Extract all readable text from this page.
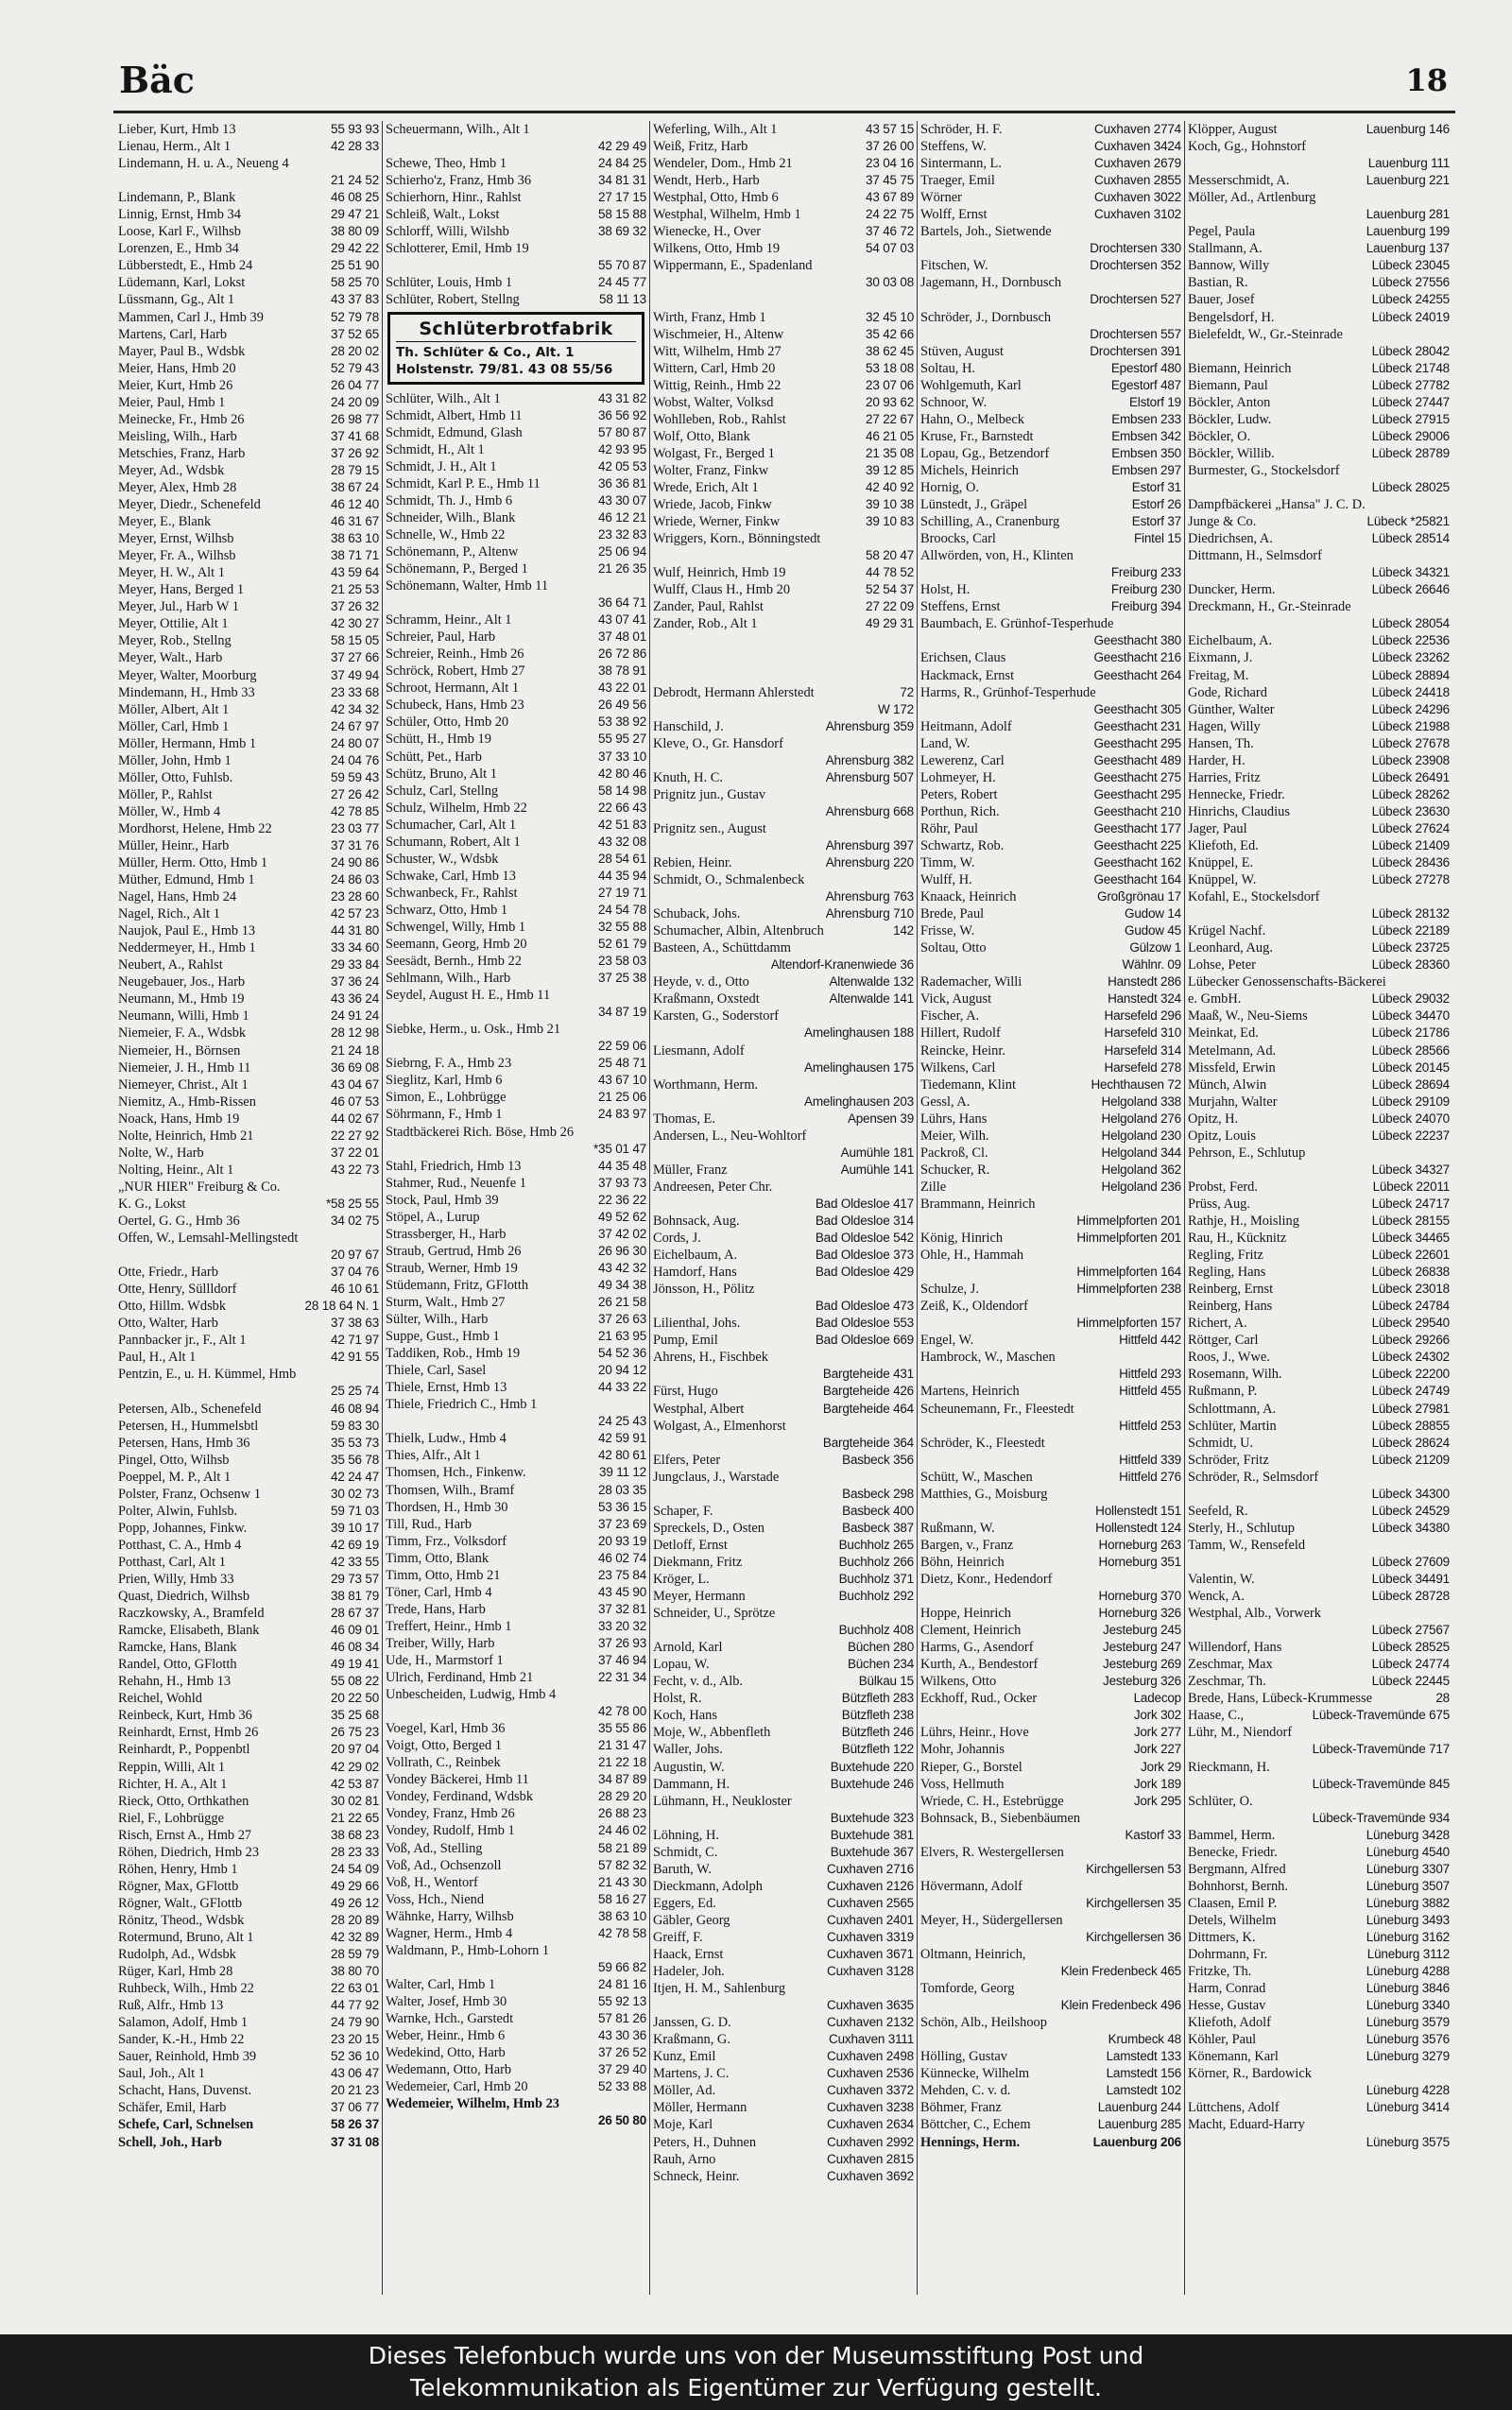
Bäc	18
Lieber, Kurt, Hmb 13	55 93 93
Lienau, Herm., Alt 1	42 28 33
Lindemann, H. u. A., Neueng 4
21 24 52
Lindemann, P., Blank	46 08 25
Linnig, Ernst, Hmb 34	29 47 21
Loose, Karl F., Wilhsb	38 80 09
Lorenzen, E., Hmb 34	29 42 22
Lübberstedt, E., Hmb 24	25 51 90
Lüdemann, Karl, Lokst	58 25 70
Lüssmann, Gg., Alt 1	43 37 83
Mammen, Carl J., Hmb 39	52 79 78
Martens, Carl, Harb	37 52 65
Mayer, Paul B., Wdsbk	28 20 02
Meier, Hans, Hmb 20	52 79 43
Meier, Kurt, Hmb 26	26 04 77
Meier, Paul, Hmb 1	24 20 09
Meinecke, Fr., Hmb 26	26 98 77
Meisling, Wilh., Harb	37 41 68
Metschies, Franz, Harb	37 26 92
Meyer, Ad., Wdsbk	28 79 15
Meyer, Alex, Hmb 28	38 67 24
Meyer, Diedr., Schenefeld	46 12 40
Meyer, E., Blank	46 31 67
Meyer, Ernst, Wilhsb	38 63 10
Meyer, Fr. A., Wilhsb	38 71 71
Meyer, H. W., Alt 1	43 59 64
Meyer, Hans, Berged 1	21 25 53
Meyer, Jul., Harb W 1	37 26 32
Meyer, Ottilie, Alt 1	42 30 27
Meyer, Rob., Stellng	58 15 05
Meyer, Walt., Harb	37 27 66
Meyer, Walter, Moorburg	37 49 94
Mindemann, H., Hmb 33	23 33 68
Möller, Albert, Alt 1	42 34 32
Möller, Carl, Hmb 1	24 67 97
Möller, Hermann, Hmb 1	24 80 07
Möller, John, Hmb 1	24 04 76
Möller, Otto, Fuhlsb.	59 59 43
Möller, P., Rahlst	27 26 42
Möller, W., Hmb 4	42 78 85
Mordhorst, Helene, Hmb 22	23 03 77
Müller, Heinr., Harb	37 31 76
Müller, Herm. Otto, Hmb 1	24 90 86
Müther, Edmund, Hmb 1	24 86 03
Nagel, Hans, Hmb 24	23 28 60
Nagel, Rich., Alt 1	42 57 23
Naujok, Paul E., Hmb 13	44 31 80
Neddermeyer, H., Hmb 1	33 34 60
Neubert, A., Rahlst	29 33 84
Neugebauer, Jos., Harb	37 36 24
Neumann, M., Hmb 19	43 36 24
Neumann, Willi, Hmb 1	24 91 24
Niemeier, F. A., Wdsbk	28 12 98
Niemeier, H., Börnsen	21 24 18
Niemeier, J. H., Hmb 11	36 69 08
Niemeyer, Christ., Alt 1	43 04 67
Niemitz, A., Hmb-Rissen	46 07 53
Noack, Hans, Hmb 19	44 02 67
Nolte, Heinrich, Hmb 21	22 27 92
Nolte, W., Harb	37 22 01
Nolting, Heinr., Alt 1	43 22 73
„NUR HIER" Freiburg & Co.
K. G., Lokst	*58 25 55
Oertel, G. G., Hmb 36	34 02 75
Offen, W., Lemsahl-Mellingstedt
20 97 67
Otte, Friedr., Harb	37 04 76
Otte, Henry, Süllldorf	46 10 61
Otto, Hillm. Wdsbk	28 18 64 N. 1
Otto, Walter, Harb	37 38 63
Pannbacker jr., F., Alt 1	42 71 97
Paul, H., Alt 1	42 91 55
Pentzin, E., u. H. Kümmel, Hmb
25 25 74
Petersen, Alb., Schenefeld	46 08 94
Petersen, H., Hummelsbtl	59 83 30
Petersen, Hans, Hmb 36	35 53 73
Pingel, Otto, Wilhsb	35 56 78
Poeppel, M. P., Alt 1	42 24 47
Polster, Franz, Ochsenw 1	30 02 73
Polter, Alwin, Fuhlsb.	59 71 03
Popp, Johannes, Finkw.	39 10 17
Potthast, C. A., Hmb 4	42 69 19
Potthast, Carl, Alt 1	42 33 55
Prien, Willy, Hmb 33	29 73 57
Quast, Diedrich, Wilhsb	38 81 79
Raczkowsky, A., Bramfeld	28 67 37
Ramcke, Elisabeth, Blank	46 09 01
Ramcke, Hans, Blank	46 08 34
Randel, Otto, GFlotth	49 19 41
Rehahn, H., Hmb 13	55 08 22
Reichel, Wohld	20 22 50
Reinbeck, Kurt, Hmb 36	35 25 68
Reinhardt, Ernst, Hmb 26	26 75 23
Reinhardt, P., Poppenbtl	20 97 04
Reppin, Willi, Alt 1	42 29 02
Richter, H. A., Alt 1	42 53 87
Rieck, Otto, Orthkathen	30 02 81
Riel, F., Lohbrügge	21 22 65
Risch, Ernst A., Hmb 27	38 68 23
Röhen, Diedrich, Hmb 23	28 23 33
Röhen, Henry, Hmb 1	24 54 09
Rögner, Max, GFlottb	49 29 66
Rögner, Walt., GFlottb	49 26 12
Rönitz, Theod., Wdsbk	28 20 89
Rotermund, Bruno, Alt 1	42 32 89
Rudolph, Ad., Wdsbk	28 59 79
Rüger, Karl, Hmb 28	38 80 70
Ruhbeck, Wilh., Hmb 22	22 63 01
Ruß, Alfr., Hmb 13	44 77 92
Salamon, Adolf, Hmb 1	24 79 90
Sander, K.-H., Hmb 22	23 20 15
Sauer, Reinhold, Hmb 39	52 36 10
Saul, Joh., Alt 1	43 06 47
Schacht, Hans, Duvenst.	20 21 23
Schäfer, Emil, Harb	37 06 77
Schefe, Carl, Schnelsen	58 26 37
Schell, Joh., Harb	37 31 08
Scheuermann, Wilh., Alt 1
42 29 49
Schewe, Theo, Hmb 1	24 84 25
Schierho'z, Franz, Hmb 36	34 81 31
Schierhorn, Hinr., Rahlst	27 17 15
Schleiß, Walt., Lokst	58 15 88
Schlorff, Willi, Wilshb	38 69 32
Schlotterer, Emil, Hmb 19
55 70 87
Schlüter, Louis, Hmb 1	24 45 77
Schlüter, Robert, Stellng	58 11 13
Schlüterbrotfabrik
Th. Schlüter & Co., Alt. 1
Holstenstr. 79/81. 43 08 55/56
Schlüter, Wilh., Alt 1	43 31 82
Schmidt, Albert, Hmb 11	36 56 92
Schmidt, Edmund, Glash	57 80 87
Schmidt, H., Alt 1	42 93 95
Schmidt, J. H., Alt 1	42 05 53
Schmidt, Karl P. E., Hmb 11	36 36 81
Schmidt, Th. J., Hmb 6	43 30 07
Schneider, Wilh., Blank	46 12 21
Schnelle, W., Hmb 22	23 32 83
Schönemann, P., Altenw	25 06 94
Schönemann, P., Berged 1	21 26 35
Schönemann, Walter, Hmb 11
36 64 71
Schramm, Heinr., Alt 1	43 07 41
Schreier, Paul, Harb	37 48 01
Schreier, Reinh., Hmb 26	26 72 86
Schröck, Robert, Hmb 27	38 78 91
Schroot, Hermann, Alt 1	43 22 01
Schubeck, Hans, Hmb 23	26 49 56
Schüler, Otto, Hmb 20	53 38 92
Schütt, H., Hmb 19	55 95 27
Schütt, Pet., Harb	37 33 10
Schütz, Bruno, Alt 1	42 80 46
Schulz, Carl, Stellng	58 14 98
Schulz, Wilhelm, Hmb 22	22 66 43
Schumacher, Carl, Alt 1	42 51 83
Schumann, Robert, Alt 1	43 32 08
Schuster, W., Wdsbk	28 54 61
Schwake, Carl, Hmb 13	44 35 94
Schwanbeck, Fr., Rahlst	27 19 71
Schwarz, Otto, Hmb 1	24 54 78
Schwengel, Willy, Hmb 1	32 55 88
Seemann, Georg, Hmb 20	52 61 79
Seesädt, Bernh., Hmb 22	23 58 03
Sehlmann, Wilh., Harb	37 25 38
Seydel, August H. E., Hmb 11
34 87 19
Siebke, Herm., u. Osk., Hmb 21
22 59 06
Siebrng, F. A., Hmb 23	25 48 71
Sieglitz, Karl, Hmb 6	43 67 10
Simon, E., Lohbrügge	21 25 06
Söhrmann, F., Hmb 1	24 83 97
Stadtbäckerei Rich. Böse, Hmb 26
*35 01 47
Stahl, Friedrich, Hmb 13	44 35 48
Stahmer, Rud., Neuenfe 1	37 93 73
Stock, Paul, Hmb 39	22 36 22
Stöpel, A., Lurup	49 52 62
Strassberger, H., Harb	37 42 02
Straub, Gertrud, Hmb 26	26 96 30
Straub, Werner, Hmb 19	43 42 32
Stüdemann, Fritz, GFlotth	49 34 38
Sturm, Walt., Hmb 27	26 21 58
Sülter, Wilh., Harb	37 26 63
Suppe, Gust., Hmb 1	21 63 95
Taddiken, Rob., Hmb 19	54 52 36
Thiele, Carl, Sasel	20 94 12
Thiele, Ernst, Hmb 13	44 33 22
Thiele, Friedrich C., Hmb 1
24 25 43
Thielk, Ludw., Hmb 4	42 59 91
Thies, Alfr., Alt 1	42 80 61
Thomsen, Hch., Finkenw.	39 11 12
Thomsen, Wilh., Bramf	28 03 35
Thordsen, H., Hmb 30	53 36 15
Till, Rud., Harb	37 23 69
Timm, Frz., Volksdorf	20 93 19
Timm, Otto, Blank	46 02 74
Timm, Otto, Hmb 21	23 75 84
Töner, Carl, Hmb 4	43 45 90
Trede, Hans, Harb	37 32 81
Treffert, Heinr., Hmb 1	33 20 32
Treiber, Willy, Harb	37 26 93
Ude, H., Marmstorf 1	37 46 94
Ulrich, Ferdinand, Hmb 21	22 31 34
Unbescheiden, Ludwig, Hmb 4
42 78 00
Voegel, Karl, Hmb 36	35 55 86
Voigt, Otto, Berged 1	21 31 47
Vollrath, C., Reinbek	21 22 18
Vondey Bäckerei, Hmb 11	34 87 89
Vondey, Ferdinand, Wdsbk	28 29 20
Vondey, Franz, Hmb 26	26 88 23
Vondey, Rudolf, Hmb 1	24 46 02
Voß, Ad., Stelling	58 21 89
Voß, Ad., Ochsenzoll	57 82 32
Voß, H., Wentorf	21 43 30
Voss, Hch., Niend	58 16 27
Wähnke, Harry, Wilhsb	38 63 10
Wagner, Herm., Hmb 4	42 78 58
Waldmann, P., Hmb-Lohorn 1
59 66 82
Walter, Carl, Hmb 1	24 81 16
Walter, Josef, Hmb 30	55 92 13
Warnke, Hch., Garstedt	57 81 26
Weber, Heinr., Hmb 6	43 30 36
Wedekind, Otto, Harb	37 26 52
Wedemann, Otto, Harb	37 29 40
Wedemeier, Carl, Hmb 20	52 33 88
Wedemeier, Wilhelm, Hmb 23
26 50 80
Weferling, Wilh., Alt 1	43 57 15
Weiß, Fritz, Harb	37 26 00
Wendeler, Dom., Hmb 21	23 04 16
Wendt, Herb., Harb	37 45 75
Westphal, Otto, Hmb 6	43 67 89
Westphal, Wilhelm, Hmb 1	24 22 75
Wienecke, H., Over	37 46 72
Wilkens, Otto, Hmb 19	54 07 03
Wippermann, E., Spadenland
30 03 08
Wirth, Franz, Hmb 1	32 45 10
Wischmeier, H., Altenw	35 42 66
Witt, Wilhelm, Hmb 27	38 62 45
Wittern, Carl, Hmb 20	53 18 08
Wittig, Reinh., Hmb 22	23 07 06
Wobst, Walter, Volksd	20 93 62
Wohlleben, Rob., Rahlst	27 22 67
Wolf, Otto, Blank	46 21 05
Wolgast, Fr., Berged 1	21 35 08
Wolter, Franz, Finkw	39 12 85
Wrede, Erich, Alt 1	42 40 92
Wriede, Jacob, Finkw	39 10 38
Wriede, Werner, Finkw	39 10 83
Wriggers, Korn., Bönningstedt
58 20 47
Wulf, Heinrich, Hmb 19	44 78 52
Wulff, Claus H., Hmb 20	52 54 37
Zander, Paul, Rahlst	27 22 09
Zander, Rob., Alt 1	49 29 31
Debrodt, Hermann Ahlerstedt	72
W 172
Hanschild, J.	Ahrensburg 359
Kleve, O., Gr. Hansdorf
Ahrensburg 382
Knuth, H. C.	Ahrensburg 507
Prignitz jun., Gustav
Ahrensburg 668
Prignitz sen., August
Ahrensburg 397
Rebien, Heinr.	Ahrensburg 220
Schmidt, O., Schmalenbeck
Ahrensburg 763
Schuback, Johs.	Ahrensburg 710
Schumacher, Albin, Altenbruch	142
Basteen, A., Schüttdamm
Altendorf-Kranenwiede 36
Heyde, v. d., Otto	Altenwalde 132
Kraßmann, Oxstedt	Altenwalde 141
Karsten, G., Soderstorf
Amelinghausen 188
Liesmann, Adolf
Amelinghausen 175
Worthmann, Herm.
Amelinghausen 203
Thomas, E.	Apensen 39
Andersen, L., Neu-Wohltorf
Aumühle 181
Müller, Franz	Aumühle 141
Andreesen, Peter Chr.
Bad Oldesloe 417
Bohnsack, Aug.	Bad Oldesloe 314
Cords, J.	Bad Oldesloe 542
Eichelbaum, A.	Bad Oldesloe 373
Hamdorf, Hans	Bad Oldesloe 429
Jönsson, H., Pölitz
Bad Oldesloe 473
Lilienthal, Johs.	Bad Oldesloe 553
Pump, Emil	Bad Oldesloe 669
Ahrens, H., Fischbek
Bargteheide 431
Fürst, Hugo	Bargteheide 426
Westphal, Albert	Bargteheide 464
Wolgast, A., Elmenhorst
Bargteheide 364
Elfers, Peter	Basbeck 356
Jungclaus, J., Warstade
Basbeck 298
Schaper, F.	Basbeck 400
Spreckels, D., Osten	Basbeck 387
Detloff, Ernst	Buchholz 265
Diekmann, Fritz	Buchholz 266
Kröger, L.	Buchholz 371
Meyer, Hermann	Buchholz 292
Schneider, U., Sprötze
Buchholz 408
Arnold, Karl	Büchen 280
Lopau, W.	Büchen 234
Fecht, v. d., Alb.	Bülkau 15
Holst, R.	Bützfleth 283
Koch, Hans	Bützfleth 238
Moje, W., Abbenfleth	Bützfleth 246
Waller, Johs.	Bützfleth 122
Augustin, W.	Buxtehude 220
Dammann, H.	Buxtehude 246
Lühmann, H., Neukloster
Buxtehude 323
Löhning, H.	Buxtehude 381
Schmidt, C.	Buxtehude 367
Baruth, W.	Cuxhaven 2716
Dieckmann, Adolph	Cuxhaven 2126
Eggers, Ed.	Cuxhaven 2565
Gäbler, Georg	Cuxhaven 2401
Greiff, F.	Cuxhaven 3319
Haack, Ernst	Cuxhaven 3671
Hadeler, Joh.	Cuxhaven 3128
Itjen, H. M., Sahlenburg
Cuxhaven 3635
Janssen, G. D.	Cuxhaven 2132
Kraßmann, G.	Cuxhaven 3111
Kunz, Emil	Cuxhaven 2498
Martens, J. C.	Cuxhaven 2536
Möller, Ad.	Cuxhaven 3372
Möller, Hermann	Cuxhaven 3238
Moje, Karl	Cuxhaven 2634
Peters, H., Duhnen	Cuxhaven 2992
Rauh, Arno	Cuxhaven 2815
Schneck, Heinr.	Cuxhaven 3692
Schröder, H. F.	Cuxhaven 2774
Steffens, W.	Cuxhaven 3424
Sintermann, L.	Cuxhaven 2679
Traeger, Emil	Cuxhaven 2855
Wörner	Cuxhaven 3022
Wolff, Ernst	Cuxhaven 3102
Bartels, Joh., Sietwende
Drochtersen 330
Fitschen, W.	Drochtersen 352
Jagemann, H., Dornbusch
Drochtersen 527
Schröder, J., Dornbusch
Drochtersen 557
Stüven, August	Drochtersen 391
Soltau, H.	Epestorf 480
Wohlgemuth, Karl	Egestorf 487
Schnoor, W.	Elstorf 19
Hahn, O., Melbeck	Embsen 233
Kruse, Fr., Barnstedt	Embsen 342
Lopau, Gg., Betzendorf	Embsen 350
Michels, Heinrich	Embsen 297
Hornig, O.	Estorf 31
Lünstedt, J., Gräpel	Estorf 26
Schilling, A., Cranenburg	Estorf 37
Broocks, Carl	Fintel 15
Allwörden, von, H., Klinten
Freiburg 233
Holst, H.	Freiburg 230
Steffens, Ernst	Freiburg 394
Baumbach, E. Grünhof-Tesperhude
Geesthacht 380
Erichsen, Claus	Geesthacht 216
Hackmack, Ernst	Geesthacht 264
Harms, R., Grünhof-Tesperhude
Geesthacht 305
Heitmann, Adolf	Geesthacht 231
Land, W.	Geesthacht 295
Lewerenz, Carl	Geesthacht 489
Lohmeyer, H.	Geesthacht 275
Peters, Robert	Geesthacht 295
Porthun, Rich.	Geesthacht 210
Röhr, Paul	Geesthacht 177
Schwartz, Rob.	Geesthacht 225
Timm, W.	Geesthacht 162
Wulff, H.	Geesthacht 164
Knaack, Heinrich	Großgrönau 17
Brede, Paul	Gudow 14
Frisse, W.	Gudow 45
Soltau, Otto	Gülzow 1
Wählnr. 09
Rademacher, Willi	Hanstedt 286
Vick, August	Hanstedt 324
Fischer, A.	Harsefeld 296
Hillert, Rudolf	Harsefeld 310
Reincke, Heinr.	Harsefeld 314
Wilkens, Carl	Harsefeld 278
Tiedemann, Klint	Hechthausen 72
Gessl, A.	Helgoland 338
Lührs, Hans	Helgoland 276
Meier, Wilh.	Helgoland 230
Packroß, Cl.	Helgoland 344
Schucker, R.	Helgoland 362
Zille	Helgoland 236
Brammann, Heinrich
Himmelpforten 201
König, Hinrich	Himmelpforten 201
Ohle, H., Hammah
Himmelpforten 164
Schulze, J.	Himmelpforten 238
Zeiß, K., Oldendorf
Himmelpforten 157
Engel, W.	Hittfeld 442
Hambrock, W., Maschen
Hittfeld 293
Martens, Heinrich	Hittfeld 455
Scheunemann, Fr., Fleestedt
Hittfeld 253
Schröder, K., Fleestedt
Hittfeld 339
Schütt, W., Maschen	Hittfeld 276
Matthies, G., Moisburg
Hollenstedt 151
Rußmann, W.	Hollenstedt 124
Bargen, v., Franz	Horneburg 263
Böhn, Heinrich	Horneburg 351
Dietz, Konr., Hedendorf
Horneburg 370
Hoppe, Heinrich	Horneburg 326
Clement, Heinrich	Jesteburg 245
Harms, G., Asendorf	Jesteburg 247
Kurth, A., Bendestorf	Jesteburg 269
Wilkens, Otto	Jesteburg 326
Eckhoff, Rud., Ocker	Ladecop
Jork 302
Lührs, Heinr., Hove	Jork 277
Mohr, Johannis	Jork 227
Rieper, G., Borstel	Jork 29
Voss, Hellmuth	Jork 189
Wriede, C. H., Estebrügge	Jork 295
Bohnsack, B., Siebenbäumen
Kastorf 33
Elvers, R. Westergellersen
Kirchgellersen 53
Hövermann, Adolf
Kirchgellersen 35
Meyer, H., Südergellersen
Kirchgellersen 36
Oltmann, Heinrich,
Klein Fredenbeck 465
Tomforde, Georg
Klein Fredenbeck 496
Schön, Alb., Heilshoop
Krumbeck 48
Hölling, Gustav	Lamstedt 133
Künnecke, Wilhelm	Lamstedt 156
Mehden, C. v. d.	Lamstedt 102
Böhmer, Franz	Lauenburg 244
Böttcher, C., Echem	Lauenburg 285
Hennings, Herm.	Lauenburg 206
Klöpper, August	Lauenburg 146
Koch, Gg., Hohnstorf
Lauenburg 111
Messerschmidt, A.	Lauenburg 221
Möller, Ad., Artlenburg
Lauenburg 281
Pegel, Paula	Lauenburg 199
Stallmann, A.	Lauenburg 137
Bannow, Willy	Lübeck 23045
Bastian, R.	Lübeck 27556
Bauer, Josef	Lübeck 24255
Bengelsdorf, H.	Lübeck 24019
Bielefeldt, W., Gr.-Steinrade
Lübeck 28042
Biemann, Heinrich	Lübeck 21748
Biemann, Paul	Lübeck 27782
Böckler, Anton	Lübeck 27447
Böckler, Ludw.	Lübeck 27915
Böckler, O.	Lübeck 29006
Böckler, Willib.	Lübeck 28789
Burmester, G., Stockelsdorf
Lübeck 28025
Dampfbäckerei „Hansa" J. C. D.
Junge & Co.	Lübeck *25821
Diedrichsen, A.	Lübeck 28514
Dittmann, H., Selmsdorf
Lübeck 34321
Duncker, Herm.	Lübeck 26646
Dreckmann, H., Gr.-Steinrade
Lübeck 28054
Eichelbaum, A.	Lübeck 22536
Eixmann, J.	Lübeck 23262
Freitag, M.	Lübeck 28894
Gode, Richard	Lübeck 24418
Günther, Walter	Lübeck 24296
Hagen, Willy	Lübeck 21988
Hansen, Th.	Lübeck 27678
Harder, H.	Lübeck 23908
Harries, Fritz	Lübeck 26491
Hennecke, Friedr.	Lübeck 28262
Hinrichs, Claudius	Lübeck 23630
Jager, Paul	Lübeck 27624
Kliefoth, Ed.	Lübeck 21409
Knüppel, E.	Lübeck 28436
Knüppel, W.	Lübeck 27278
Kofahl, E., Stockelsdorf
Lübeck 28132
Krügel Nachf.	Lübeck 22189
Leonhard, Aug.	Lübeck 23725
Lohse, Peter	Lübeck 28360
Lübecker Genossenschafts-Bäckerei
e. GmbH.	Lübeck 29032
Maaß, W., Neu-Siems	Lübeck 34470
Meinkat, Ed.	Lübeck 21786
Metelmann, Ad.	Lübeck 28566
Missfeld, Erwin	Lübeck 20145
Münch, Alwin	Lübeck 28694
Murjahn, Walter	Lübeck 29109
Opitz, H.	Lübeck 24070
Opitz, Louis	Lübeck 22237
Pehrson, E., Schlutup
Lübeck 34327
Probst, Ferd.	Lübeck 22011
Prüss, Aug.	Lübeck 24717
Rathje, H., Moisling	Lübeck 28155
Rau, H., Kücknitz	Lübeck 34465
Regling, Fritz	Lübeck 22601
Regling, Hans	Lübeck 26838
Reinberg, Ernst	Lübeck 23018
Reinberg, Hans	Lübeck 24784
Richert, A.	Lübeck 29540
Röttger, Carl	Lübeck 29266
Roos, J., Wwe.	Lübeck 24302
Rosemann, Wilh.	Lübeck 22200
Rußmann, P.	Lübeck 24749
Schlottmann, A.	Lübeck 27981
Schlüter, Martin	Lübeck 28855
Schmidt, U.	Lübeck 28624
Schröder, Fritz	Lübeck 21209
Schröder, R., Selmsdorf
Lübeck 34300
Seefeld, R.	Lübeck 24529
Sterly, H., Schlutup	Lübeck 34380
Tamm, W., Rensefeld
Lübeck 27609
Valentin, W.	Lübeck 34491
Wenck, A.	Lübeck 28728
Westphal, Alb., Vorwerk
Lübeck 27567
Willendorf, Hans	Lübeck 28525
Zeschmar, Max	Lübeck 24774
Zeschmar, Th.	Lübeck 22445
Brede, Hans, Lübeck-Krummesse	28
Haase, C.,	Lübeck-Travemünde 675
Lühr, M., Niendorf
Lübeck-Travemünde 717
Rieckmann, H.
Lübeck-Travemünde 845
Schlüter, O.
Lübeck-Travemünde 934
Bammel, Herm.	Lüneburg 3428
Benecke, Friedr.	Lüneburg 4540
Bergmann, Alfred	Lüneburg 3307
Bohnhorst, Bernh.	Lüneburg 3507
Claasen, Emil P.	Lüneburg 3882
Detels, Wilhelm	Lüneburg 3493
Dittmers, K.	Lüneburg 3162
Dohrmann, Fr.	Lüneburg 3112
Fritzke, Th.	Lüneburg 4288
Harm, Conrad	Lüneburg 3846
Hesse, Gustav	Lüneburg 3340
Kliefoth, Adolf	Lüneburg 3579
Köhler, Paul	Lüneburg 3576
Könemann, Karl	Lüneburg 3279
Körner, R., Bardowick
Lüneburg 4228
Lüttchens, Adolf	Lüneburg 3414
Macht, Eduard-Harry
Lüneburg 3575
Dieses Telefonbuch wurde uns von der Museumsstiftung Post und
Telekommunikation als Eigentümer zur Verfügung gestellt.
